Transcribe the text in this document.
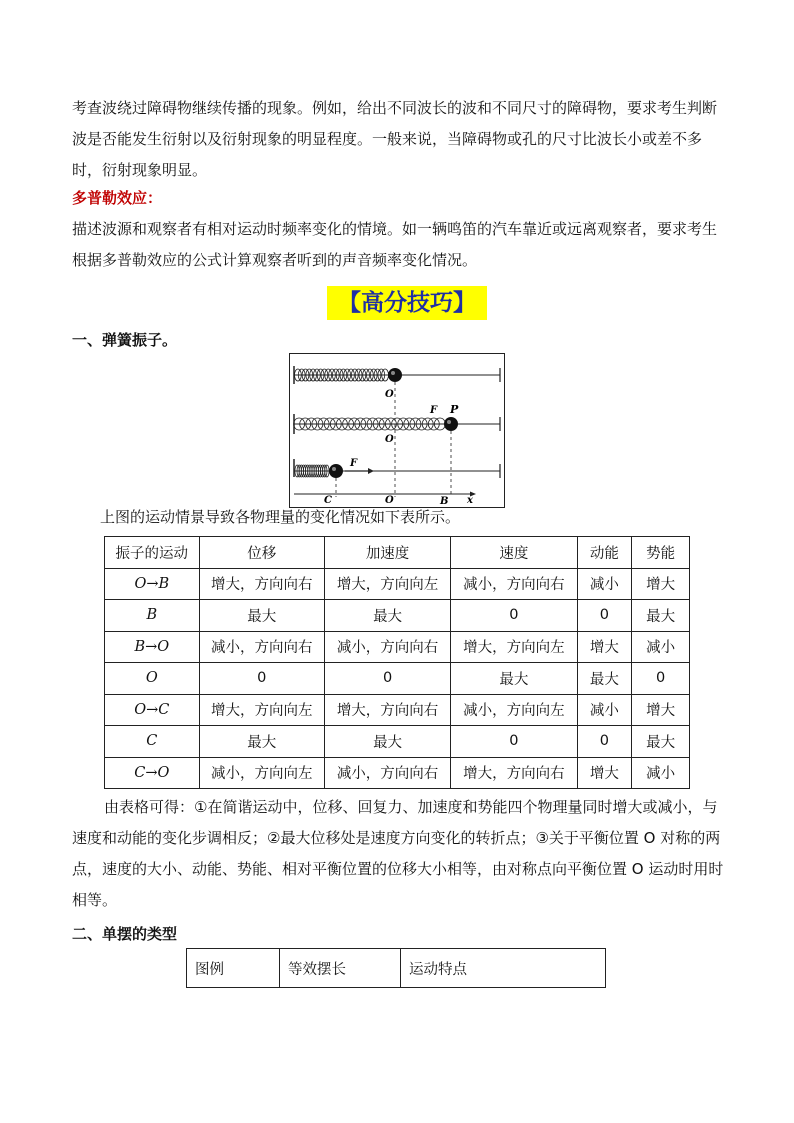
考查波绕过障碍物继续传播的现象。例如，给出不同波长的波和不同尺寸的障碍物，要求考生判断波是否能发生衍射以及衍射现象的明显程度。一般来说，当障碍物或孔的尺寸比波长小或差不多时，衍射现象明显。

多普勒效应：

描述波源和观察者有相对运动时频率变化的情境。如一辆鸣笛的汽车靠近或远离观察者，要求考生根据多普勒效应的公式计算观察者听到的声音频率变化情况。

【高分技巧】
一、弹簧振子。
O
F P
O
F
C	O	B x
上图的运动情景导致各物理量的变化情况如下表所示。
振子的运动	位移	加速度	速度	动能	势能
O→B	增大，方向向右	增大，方向向左	减小，方向向右	减小	增大
B	最大	最大	0	0	最大
B→O	减小，方向向右	减小，方向向右	增大，方向向左	增大	减小
O	0	0	最大	最大	0
O→C	增大，方向向左	增大，方向向右	减小，方向向左	减小	增大
C	最大	最大	0	0	最大
C→O	减小，方向向左	减小，方向向右	增大，方向向右	增大	减小

由表格可得：①在简谐运动中，位移、回复力、加速度和势能四个物理量同时增大或减小，与速度和动能的变化步调相反；②最大位移处是速度方向变化的转折点；③关于平衡位置 O 对称的两点，速度的大小、动能、势能、相对平衡位置的位移大小相等，由对称点向平衡位置 O 运动时用时相等。

二、单摆的类型
图例	等效摆长	运动特点
